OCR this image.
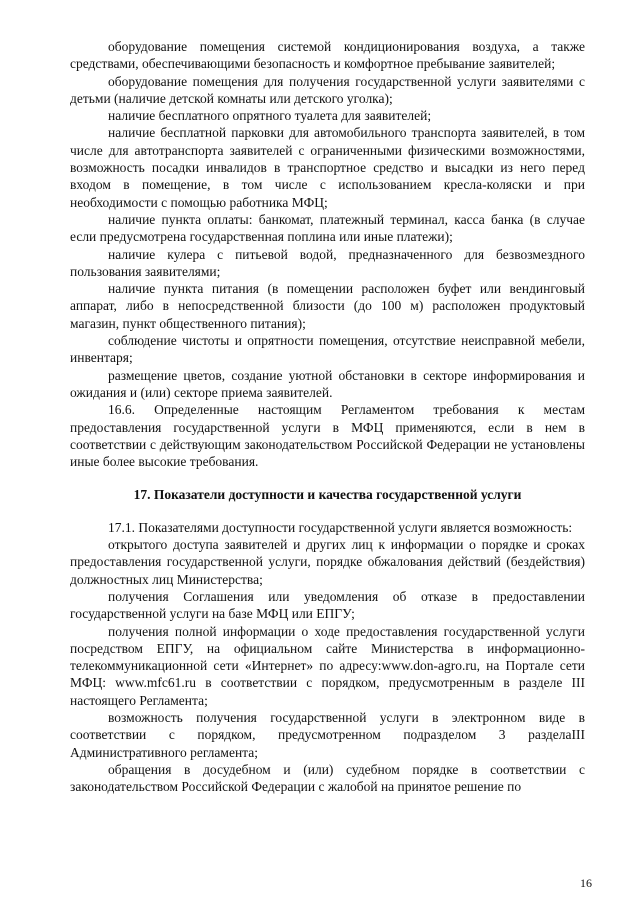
оборудование помещения системой кондиционирования воздуха, а также средствами, обеспечивающими безопасность и комфортное пребывание заявителей;

оборудование помещения для получения государственной услуги заявителями с детьми (наличие детской комнаты или детского уголка);

наличие бесплатного опрятного туалета для заявителей;

наличие бесплатной парковки для автомобильного транспорта заявителей, в том числе для автотранспорта заявителей с ограниченными физическими возможностями, возможность посадки инвалидов в транспортное средство и высадки из него перед входом в помещение, в том числе с использованием кресла-коляски и при необходимости с помощью работника МФЦ;

наличие пункта оплаты: банкомат, платежный терминал, касса банка (в случае если предусмотрена государственная поплина или иные платежи);

наличие кулера с питьевой водой, предназначенного для безвозмездного пользования заявителями;

наличие пункта питания (в помещении расположен буфет или вендинговый аппарат, либо в непосредственной близости (до 100 м) расположен продуктовый магазин, пункт общественного питания);

соблюдение чистоты и опрятности помещения, отсутствие неисправной мебели, инвентаря;

размещение цветов, создание уютной обстановки в секторе информирования и ожидания и (или) секторе приема заявителей.

16.6. Определенные настоящим Регламентом требования к местам предоставления государственной услуги в МФЦ применяются, если в нем в соответствии с действующим законодательством Российской Федерации не установлены иные более высокие требования.

17. Показатели доступности и качества государственной услуги

17.1. Показателями доступности государственной услуги является возможность:

открытого доступа заявителей и других лиц к информации о порядке и сроках предоставления государственной услуги, порядке обжалования действий (бездействия) должностных лиц Министерства;

получения Соглашения или уведомления об отказе в предоставлении государственной услуги на базе МФЦ или ЕПГУ;

получения полной информации о ходе предоставления государственной услуги посредством ЕПГУ, на официальном сайте Министерства в информационно-телекоммуникационной сети «Интернет» по адресу:www.don-agro.ru, на Портале сети МФЦ: www.mfc61.ru в соответствии с порядком, предусмотренным в разделе III настоящего Регламента;

возможность получения государственной услуги в электронном виде в соответствии с порядком, предусмотренном подразделом 3 разделаIII Административного регламента;

обращения в досудебном и (или) судебном порядке в соответствии с законодательством Российской Федерации с жалобой на принятое решение по

16
